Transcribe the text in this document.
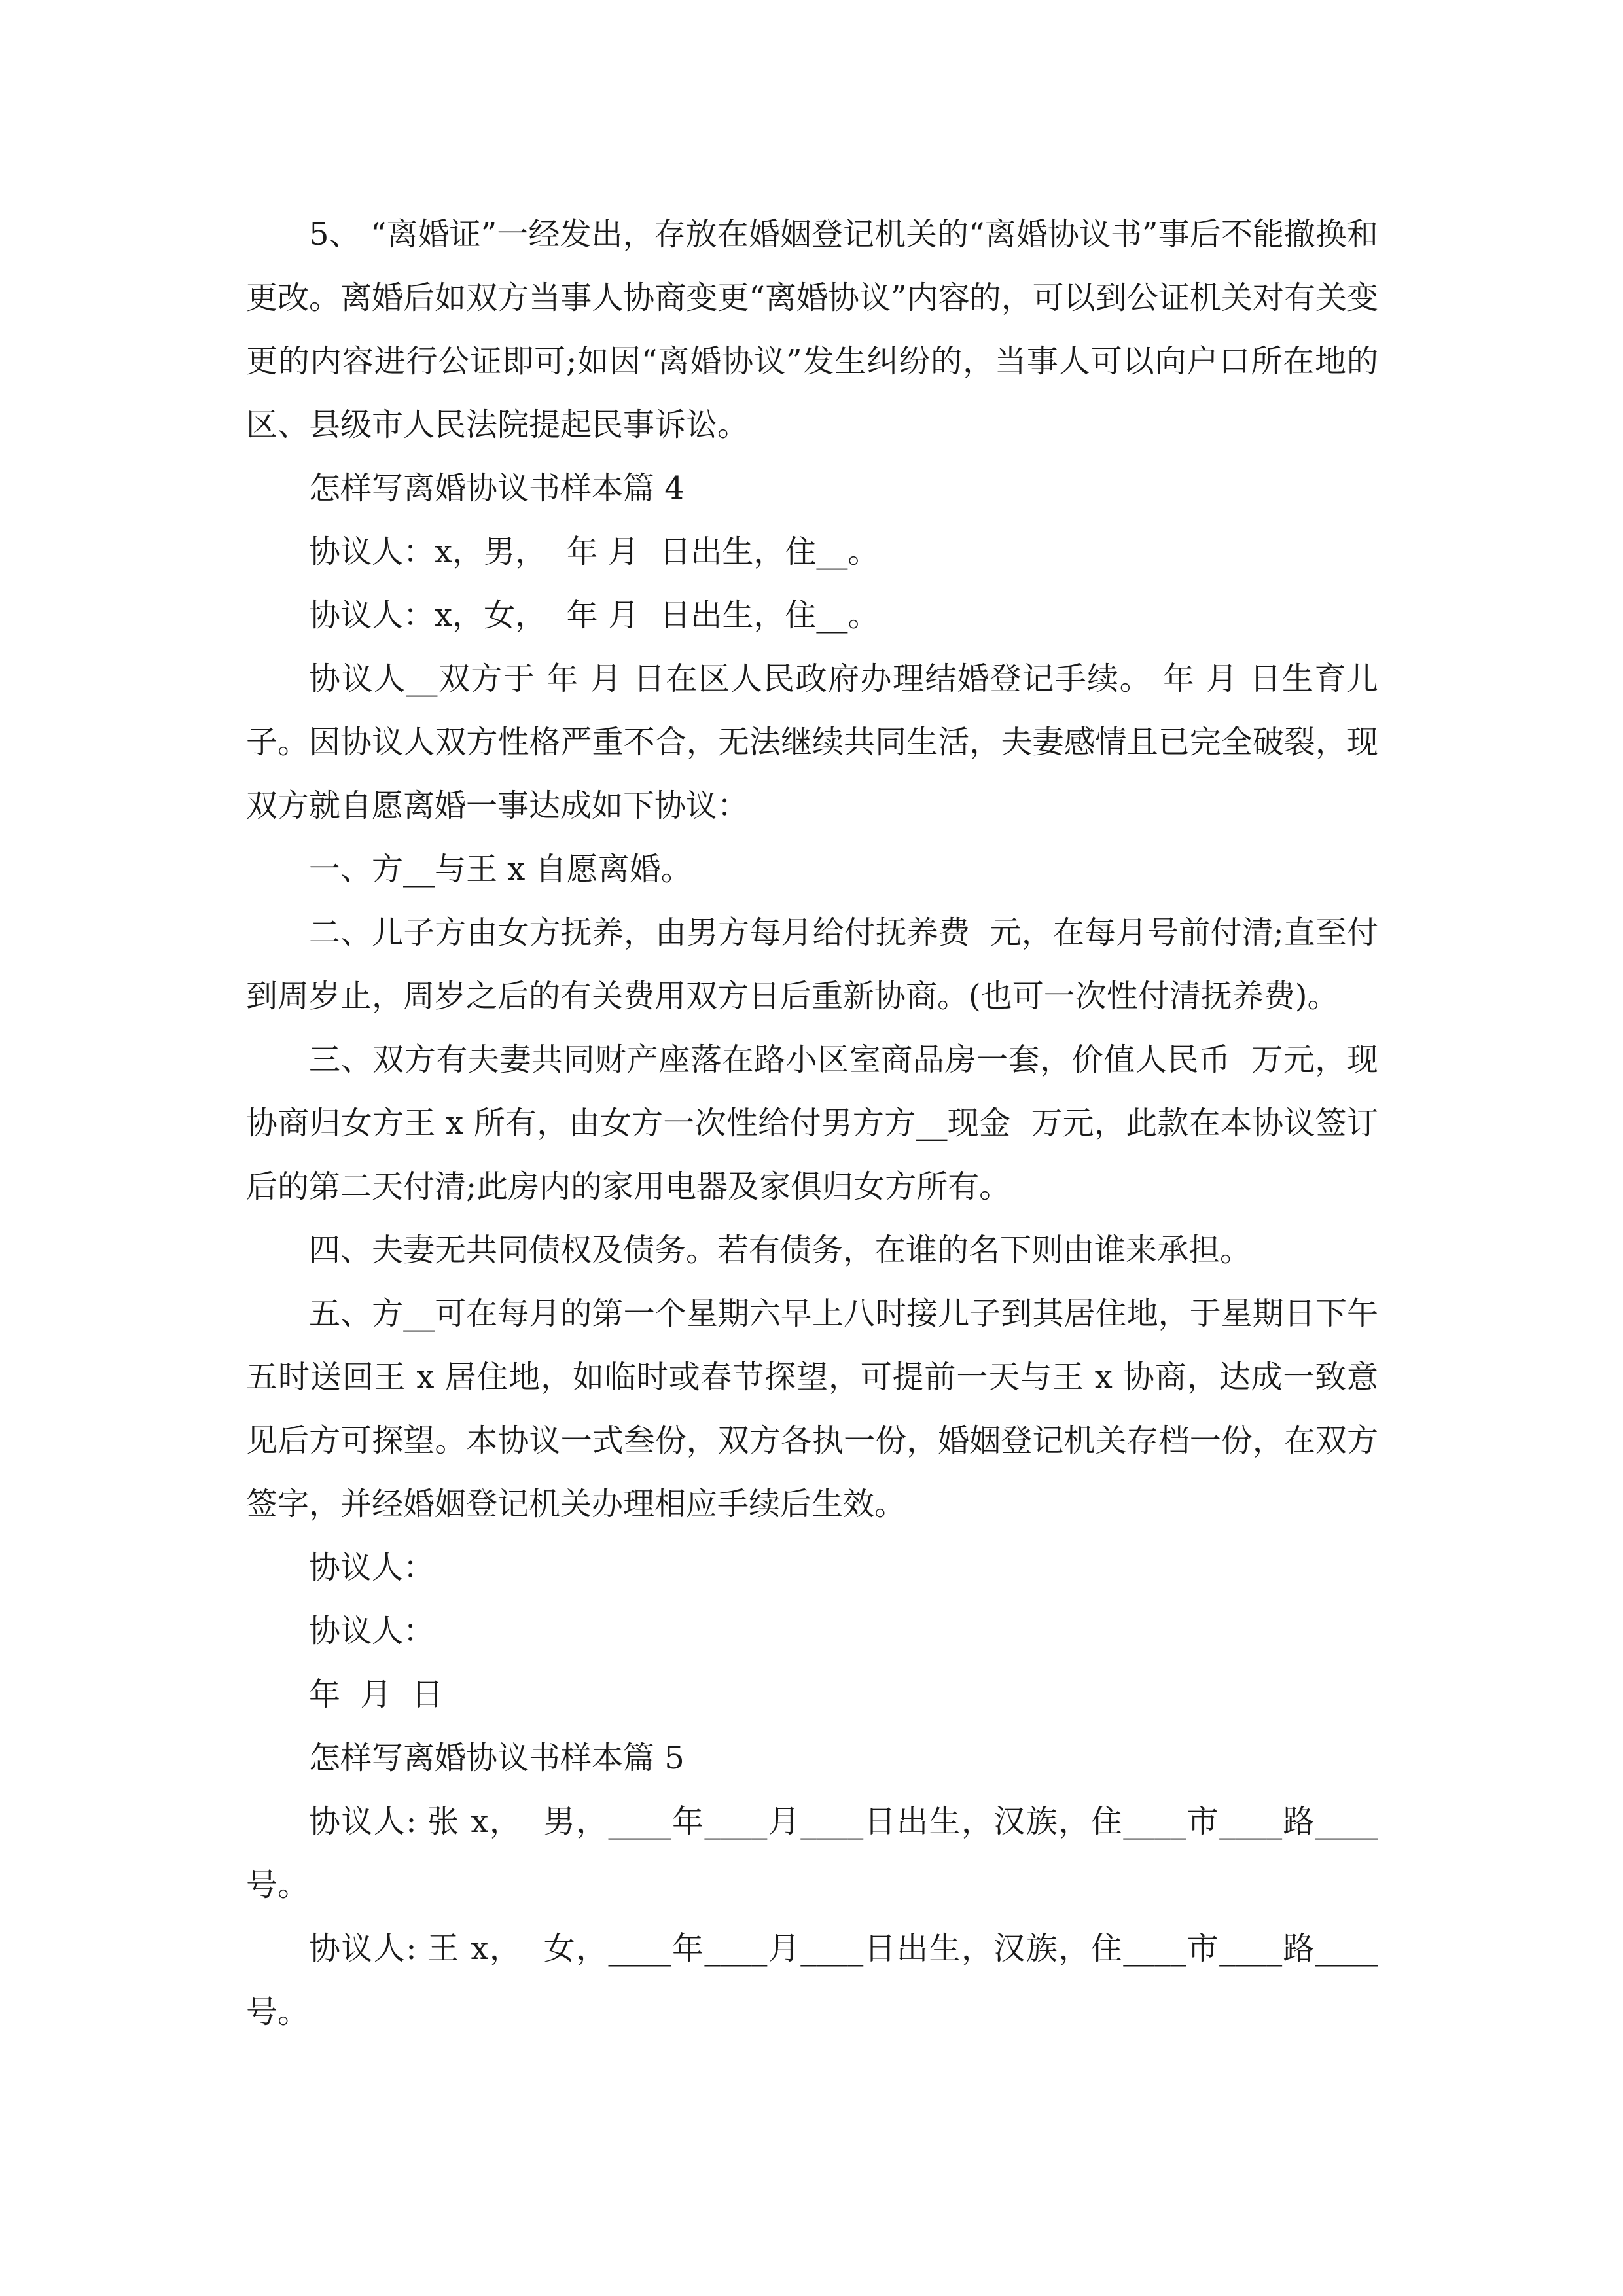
5、 “离婚证”一经发出，存放在婚姻登记机关的“离婚协议书”事后不能撤换和更改。离婚后如双方当事人协商变更“离婚协议”内容的，可以到公证机关对有关变更的内容进行公证即可;如因“离婚协议”发生纠纷的，当事人可以向户口所在地的区、县级市人民法院提起民事诉讼。

怎样写离婚协议书样本篇 4

协议人：x，男，  年 月  日出生，住__。

协议人：x，女，  年 月  日出生，住__。

协议人__双方于 年 月 日在区人民政府办理结婚登记手续。 年 月 日生育儿子。因协议人双方性格严重不合，无法继续共同生活，夫妻感情且已完全破裂，现双方就自愿离婚一事达成如下协议：

一、方__与王 x 自愿离婚。

二、儿子方由女方抚养，由男方每月给付抚养费  元，在每月号前付清;直至付到周岁止，周岁之后的有关费用双方日后重新协商。(也可一次性付清抚养费)。

三、双方有夫妻共同财产座落在路小区室商品房一套，价值人民币  万元，现协商归女方王 x 所有，由女方一次性给付男方方__现金  万元，此款在本协议签订后的第二天付清;此房内的家用电器及家俱归女方所有。

四、夫妻无共同债权及债务。若有债务，在谁的名下则由谁来承担。

五、方__可在每月的第一个星期六早上八时接儿子到其居住地，于星期日下午五时送回王 x 居住地，如临时或春节探望，可提前一天与王 x 协商，达成一致意见后方可探望。本协议一式叁份，双方各执一份，婚姻登记机关存档一份，在双方签字，并经婚姻登记机关办理相应手续后生效。

协议人：

协议人：

年  月  日

怎样写离婚协议书样本篇 5

协议人: 张 x，  男，____年____月____日出生，汉族，住____市____路____号。

协议人: 王 x，  女，____年____月____日出生，汉族，住____市____路____号。
